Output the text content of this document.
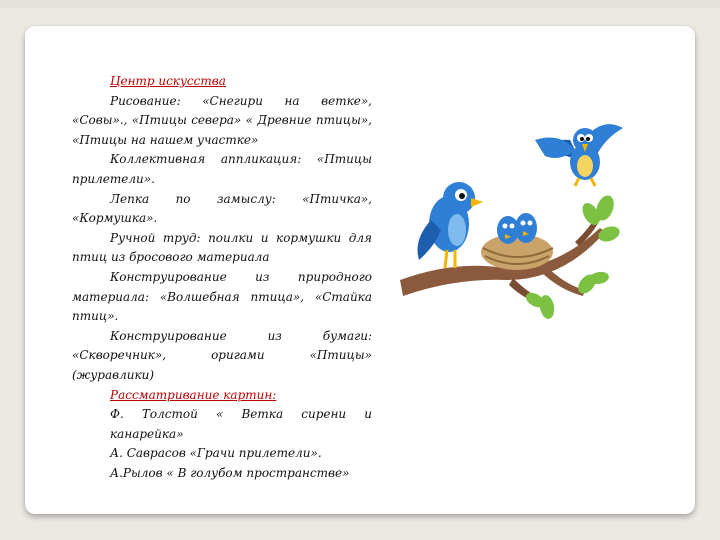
Центр искусства

Рисование: «Снегири на ветке», «Совы»., «Птицы севера» « Древние птицы», «Птицы на нашем участке»

Коллективная аппликация: «Птицы прилетели».

Лепка по замыслу: «Птичка», «Кормушка».

Ручной труд: поилки и кормушки для птиц из бросового материала

Конструирование из природного материала: «Волшебная птица», «Стайка птиц».

Конструирование из бумаги: «Скворечник», оригами «Птицы» (журавлики)

Рассматривание картин:

Ф. Толстой « Ветка сирени и канарейка»

А. Саврасов «Грачи прилетели».

А.Рылов « В голубом пространстве»
